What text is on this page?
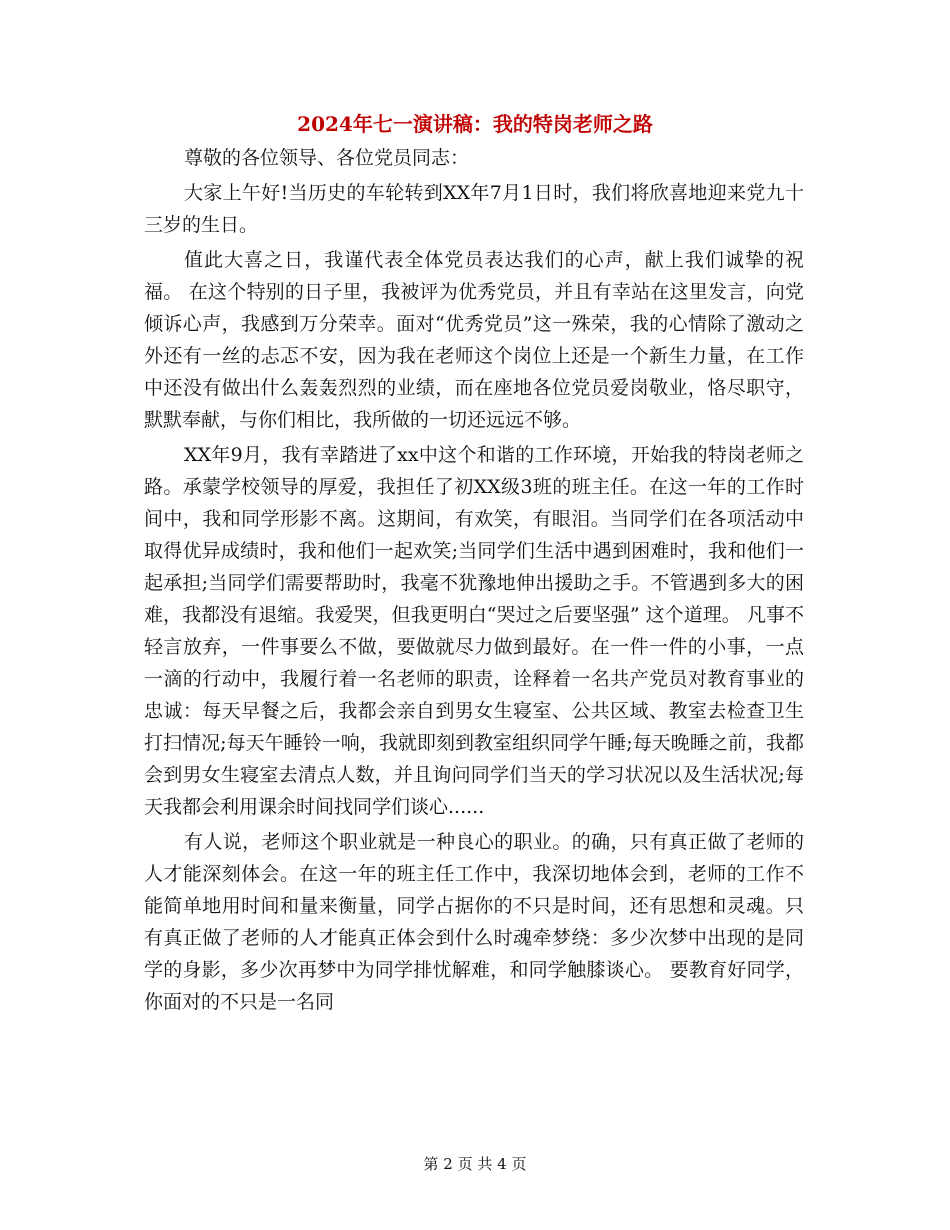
2024年七一演讲稿：我的特岗老师之路

尊敬的各位领导、各位党员同志：

大家上午好!当历史的车轮转到XX年7月1日时，我们将欣喜地迎来党九十三岁的生日。

值此大喜之日，我谨代表全体党员表达我们的心声，献上我们诚挚的祝福。 在这个特别的日子里，我被评为优秀党员，并且有幸站在这里发言，向党倾诉心声，我感到万分荣幸。面对“优秀党员”这一殊荣，我的心情除了激动之外还有一丝的忐忑不安，因为我在老师这个岗位上还是一个新生力量，在工作中还没有做出什么轰轰烈烈的业绩，而在座地各位党员爱岗敬业，恪尽职守，默默奉献，与你们相比，我所做的一切还远远不够。

XX年9月，我有幸踏进了xx中这个和谐的工作环境，开始我的特岗老师之路。承蒙学校领导的厚爱，我担任了初XX级3班的班主任。在这一年的工作时间中，我和同学形影不离。这期间，有欢笑，有眼泪。当同学们在各项活动中取得优异成绩时，我和他们一起欢笑;当同学们生活中遇到困难时，我和他们一起承担;当同学们需要帮助时，我毫不犹豫地伸出援助之手。不管遇到多大的困难，我都没有退缩。我爱哭，但我更明白“哭过之后要坚强” 这个道理。 凡事不轻言放弃，一件事要么不做，要做就尽力做到最好。在一件一件的小事，一点一滴的行动中，我履行着一名老师的职责，诠释着一名共产党员对教育事业的忠诚：每天早餐之后，我都会亲自到男女生寝室、公共区域、教室去检查卫生打扫情况;每天午睡铃一响，我就即刻到教室组织同学午睡;每天晚睡之前，我都会到男女生寝室去清点人数，并且询问同学们当天的学习状况以及生活状况;每天我都会利用课余时间找同学们谈心......

有人说，老师这个职业就是一种良心的职业。的确，只有真正做了老师的人才能深刻体会。在这一年的班主任工作中，我深切地体会到，老师的工作不能简单地用时间和量来衡量，同学占据你的不只是时间，还有思想和灵魂。只有真正做了老师的人才能真正体会到什么时魂牵梦绕：多少次梦中出现的是同学的身影，多少次再梦中为同学排忧解难，和同学触膝谈心。 要教育好同学，你面对的不只是一名同

第 2 页 共 4 页
